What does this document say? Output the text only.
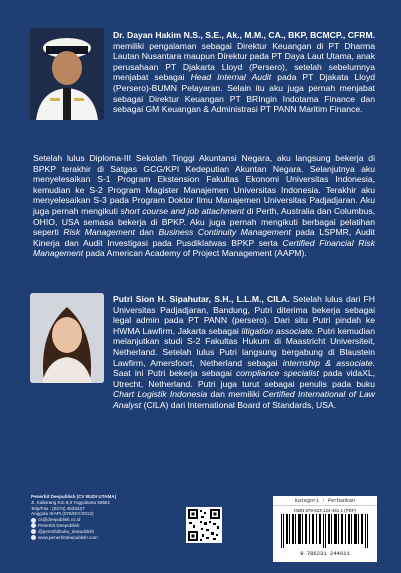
Dr. Dayan Hakim N.S., S.E., Ak., M.M., CA., BKP, BCMCP., CFRM. memiliki pengalaman sebagai Direktur Keuangan di PT Dharma Lautan Nusantara maupun Direktur pada PT Daya Laut Utama, anak perusahaan PT Djakarta Lloyd (Persero), setelah sebelumnya menjabat sebagai Head Internal Audit pada PT Djakata Lloyd (Persero)-BUMN Pelayaran. Selain itu aku juga pernah menjabat sebagai Direktur Keuangan PT BRIngin Indotama Finance dan sebagai GM Keuangan & Administrasi PT PANN Maritim Finance.
Setelah lulus Diploma-III Sekolah Tinggi Akuntansi Negara, aku langsung bekerja di BPKP terakhir di Satgas GCG/KPI Kedeputian Akuntan Negara. Selanjutnya aku menyelesaikan S-1 Program Ekstension Fakultas Ekonomi Universitas Indonesia, kemudian ke S-2 Program Magister Manajemen Universitas Indonesia. Terakhir aku menyelesaikan S-3 pada Program Doktor Ilmu Manajemen Universitas Padjadjaran. Aku juga pernah mengikuti short course and job attachment di Perth, Australia dan Columbus, OHIO, USA semasa bekerja di BPKP. Aku juga pernah mengikuti berbagai pelatihan seperti Risk Management dan Business Continuity Management pada LSPMR, Audit Kinerja dan Audit Investigasi pada Pusdiklatwas BPKP serta Certified Financial Risk Management pada American Academy of Project Management (AAPM).
Putri Sion H. Sipahutar, S.H., L.L.M., CILA. Setelah lulus dari FH Universitas Padjadjaran, Bandung, Putri diterima bekerja sebagai legal admin pada PT PANN (persero). Dari situ Putri pindah ke HWMA Lawfirm, Jakarta sebagai litigation associate. Putri kemudian melanjutkan studi S-2 Fakultas Hukum di Maastricht Universiteit, Netherland. Setelah lulus Putri langsung bergabung di Blaustein Lawfirm, Amersfoort, Netherland sebagai internship & associate. Saat ini Putri bekerja sebagai compliance specialist pada vidaXL, Utrecht, Netherland. Putri juga turut sebagai penulis pada buku Chart Logistik Indonesia dan memiliki Certified International of Law Analyst (CILA) dari International Board of Standards, USA.
Penerbit Deepublish (CV BUDI UTAMA)
Jl. Kaliurang Km 9,3 Yogyakarta 55581
Telp/Fax : (0274) 4533427
Anggota IKAPI (076/DIY/2012)
cs@deepublish.co.id
Penerbit Deepublish
@penerbitbuku_deepublish
www.penerbitdeepublish.com
Kategori : Perbankan
ISBN 978-623-124-461-1 (PDF)
9 786231 244611
